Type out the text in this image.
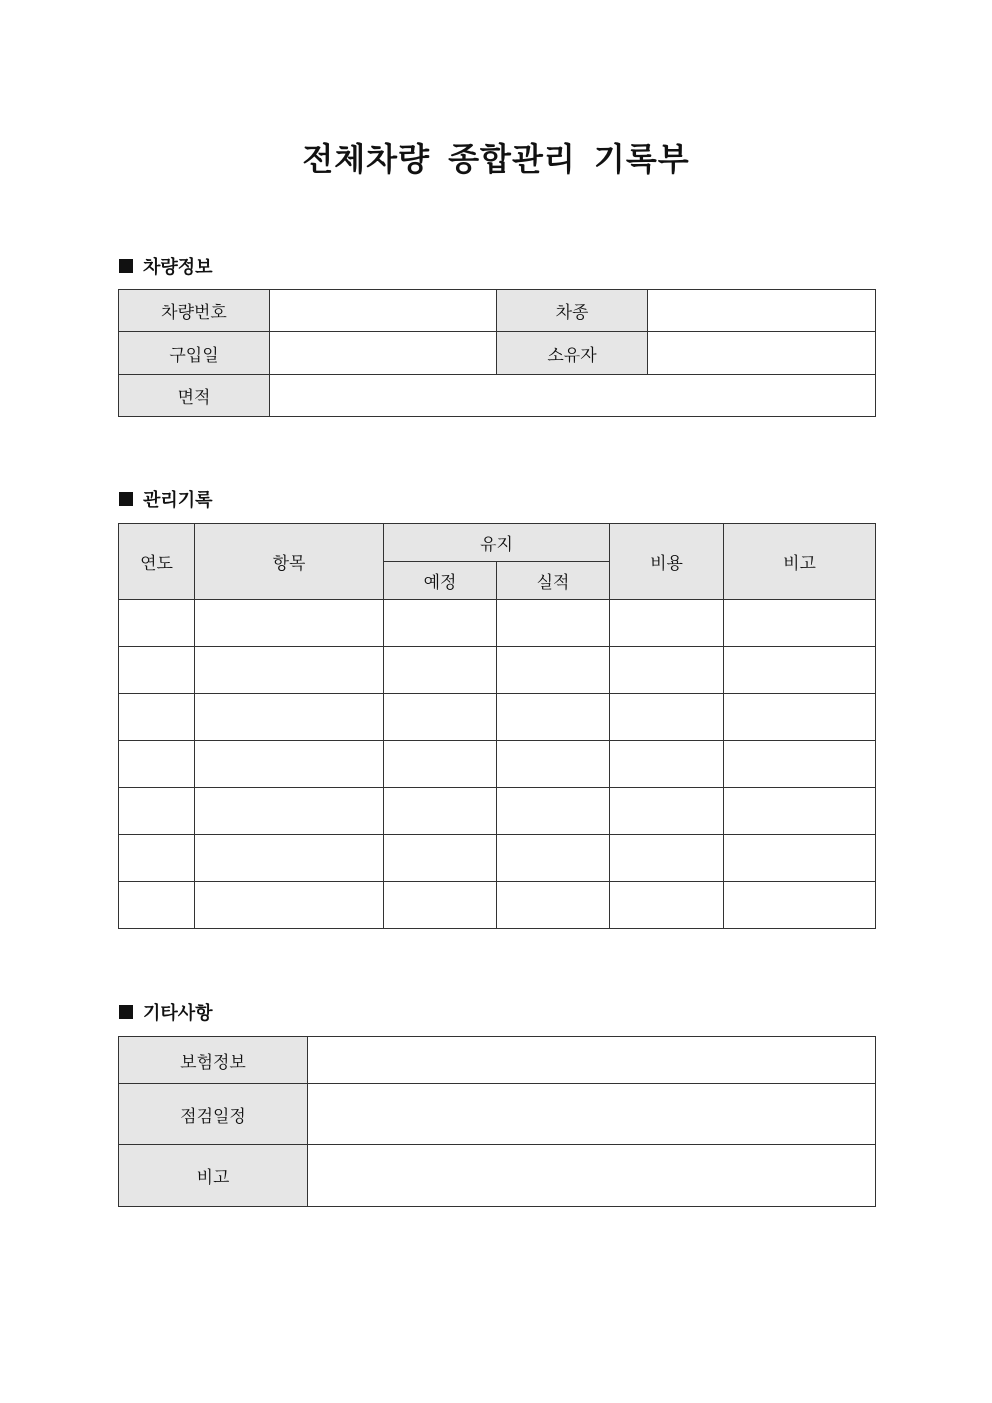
전체차량 종합관리 기록부
차량정보
차량번호		차종	
구입일		소유자	
면적			
관리기록
연도	항목	유지		비용	비고
		예정	실적		

기타사항
보험정보	
점검일정	
비고	
